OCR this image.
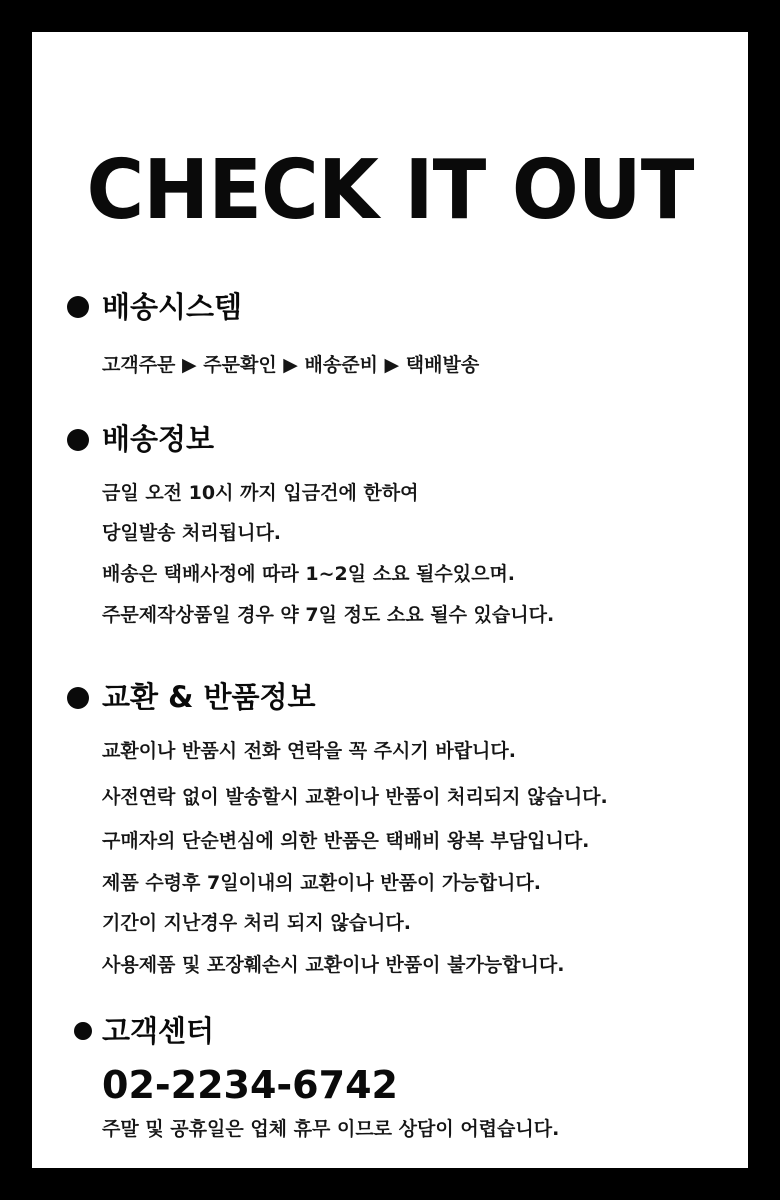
CHECK IT OUT
배송시스템
고객주문 ▶ 주문확인 ▶ 배송준비 ▶ 택배발송
배송정보
금일 오전 10시 까지 입금건에 한하여
당일발송 처리됩니다.
배송은 택배사정에 따라 1~2일 소요 될수있으며.
주문제작상품일 경우 약 7일 정도 소요 될수 있습니다.
교환 & 반품정보
교환이나 반품시 전화 연락을 꼭 주시기 바랍니다.
사전연락 없이 발송할시 교환이나 반품이 처리되지 않습니다.
구매자의 단순변심에 의한 반품은 택배비 왕복 부담입니다.
제품 수령후 7일이내의 교환이나 반품이 가능합니다.
기간이 지난경우 처리 되지 않습니다.
사용제품 및 포장훼손시 교환이나 반품이 불가능합니다.
고객센터
02-2234-6742
주말 및 공휴일은 업체 휴무 이므로 상담이 어렵습니다.
